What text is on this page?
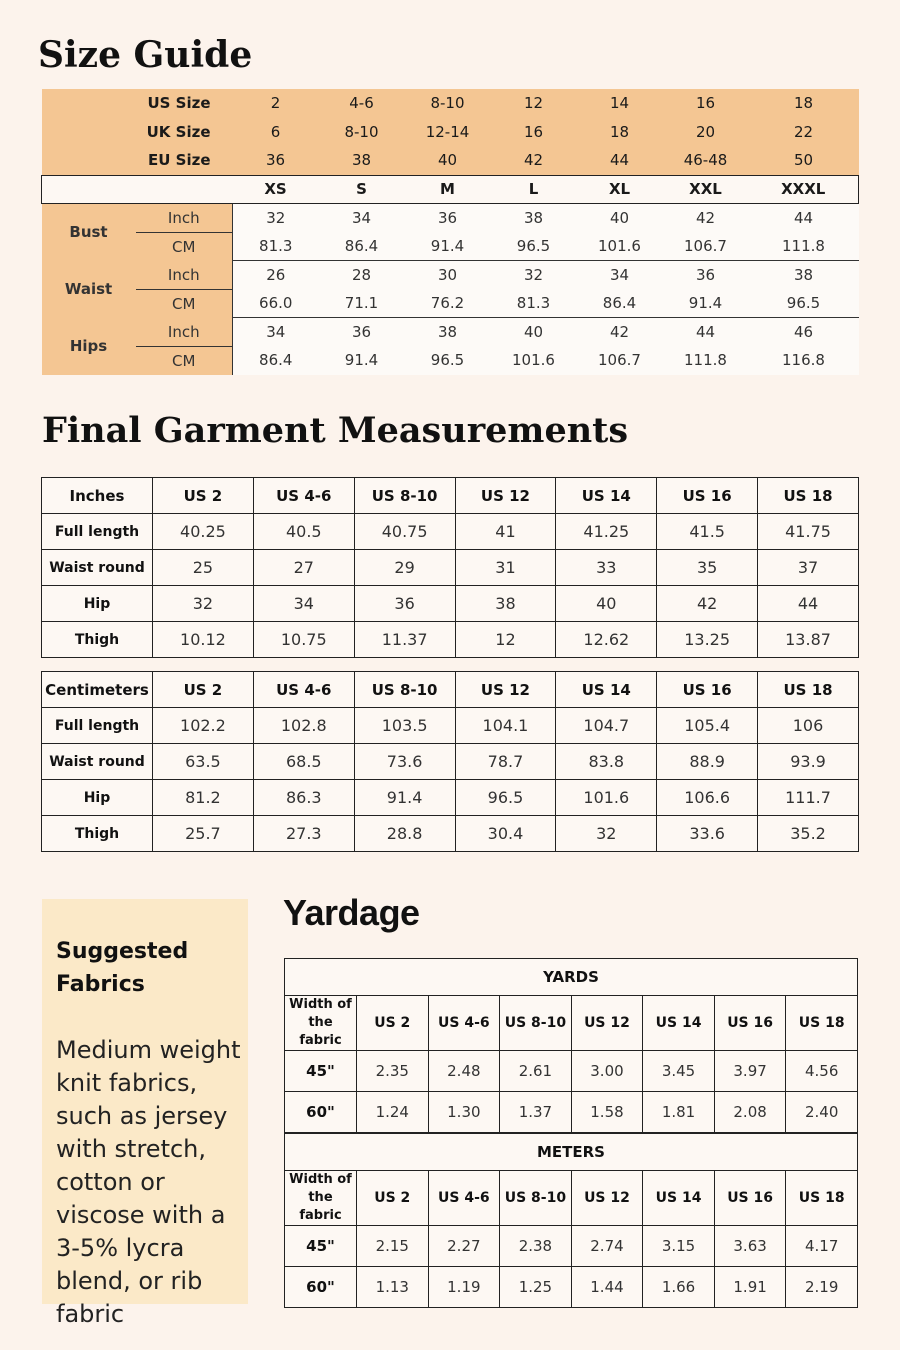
Size Guide
US Size		2	4-6	8-10	12	14	16	18
UK Size		6	8-10	12-14	16	18	20	22
EU Size		36	38	40	42	44	46-48	50
		XS	S	M	L	XL	XXL	XXXL
Bust	Inch	32	34	36	38	40	42	44
	CM	81.3	86.4	91.4	96.5	101.6	106.7	111.8
Waist	Inch	26	28	30	32	34	36	38
	CM	66.0	71.1	76.2	81.3	86.4	91.4	96.5
Hips	Inch	34	36	38	40	42	44	46
	CM	86.4	91.4	96.5	101.6	106.7	111.8	116.8
Final Garment Measurements
Inches	US 2	US 4-6	US 8-10	US 12	US 14	US 16	US 18
Full length	40.25	40.5	40.75	41	41.25	41.5	41.75
Waist round	25	27	29	31	33	35	37
Hip	32	34	36	38	40	42	44
Thigh	10.12	10.75	11.37	12	12.62	13.25	13.87
Centimeters	US 2	US 4-6	US 8-10	US 12	US 14	US 16	US 18
Full length	102.2	102.8	103.5	104.1	104.7	105.4	106
Waist round	63.5	68.5	73.6	78.7	83.8	88.9	93.9
Hip	81.2	86.3	91.4	96.5	101.6	106.6	111.7
Thigh	25.7	27.3	28.8	30.4	32	33.6	35.2

Suggested Fabrics

Medium weight knit fabrics, such as jersey with stretch, cotton or viscose with a 3-5% lycra blend, or rib fabric

Yardage
YARDS							
Width of the fabric	US 2	US 4-6	US 8-10	US 12	US 14	US 16	US 18
45"	2.35	2.48	2.61	3.00	3.45	3.97	4.56
60"	1.24	1.30	1.37	1.58	1.81	2.08	2.40
METERS							
Width of the fabric	US 2	US 4-6	US 8-10	US 12	US 14	US 16	US 18
45"	2.15	2.27	2.38	2.74	3.15	3.63	4.17
60"	1.13	1.19	1.25	1.44	1.66	1.91	2.19
